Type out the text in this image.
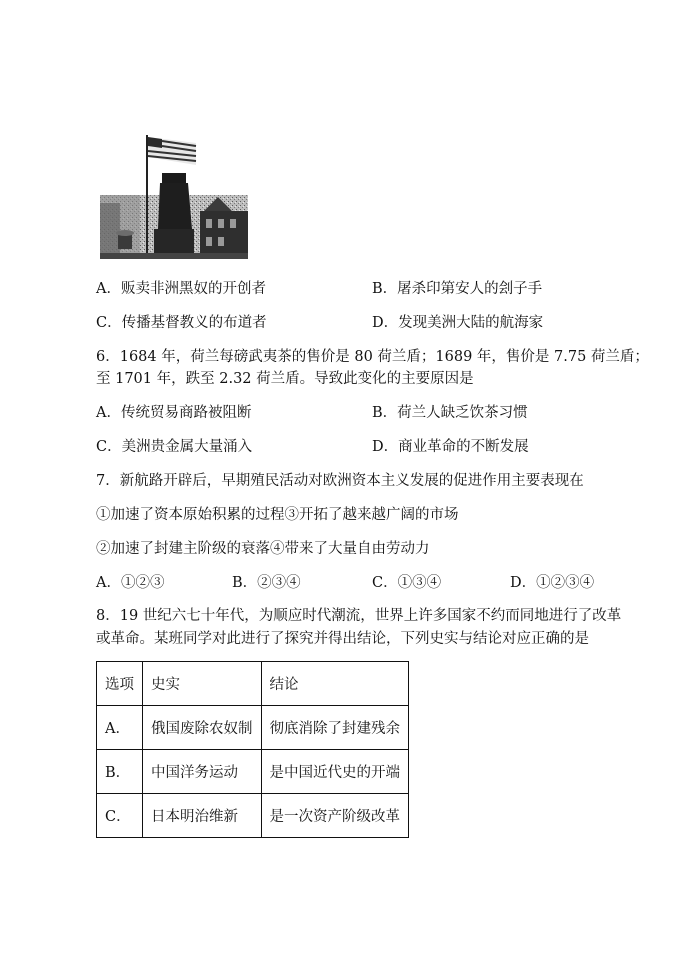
A．贩卖非洲黑奴的开创者	B．屠杀印第安人的刽子手
C．传播基督教义的布道者	D．发现美洲大陆的航海家
6．1684 年，荷兰每磅武夷茶的售价是 80 荷兰盾；1689 年，售价是 7.75 荷兰盾；
至 1701 年，跌至 2.32 荷兰盾。导致此变化的主要原因是
A．传统贸易商路被阻断	B．荷兰人缺乏饮茶习惯
C．美洲贵金属大量涌入	D．商业革命的不断发展
7．新航路开辟后，早期殖民活动对欧洲资本主义发展的促进作用主要表现在
①加速了资本原始积累的过程③开拓了越来越广阔的市场
②加速了封建主阶级的衰落④带来了大量自由劳动力
A．①②③	B．②③④	C．①③④	D．①②③④
8．19 世纪六七十年代，为顺应时代潮流，世界上许多国家不约而同地进行了改革
或革命。某班同学对此进行了探究并得出结论，下列史实与结论对应正确的是
选项	史实	结论
A．	俄国废除农奴制	彻底消除了封建残余
B．	中国洋务运动	是中国近代史的开端
C．	日本明治维新	是一次资产阶级改革
